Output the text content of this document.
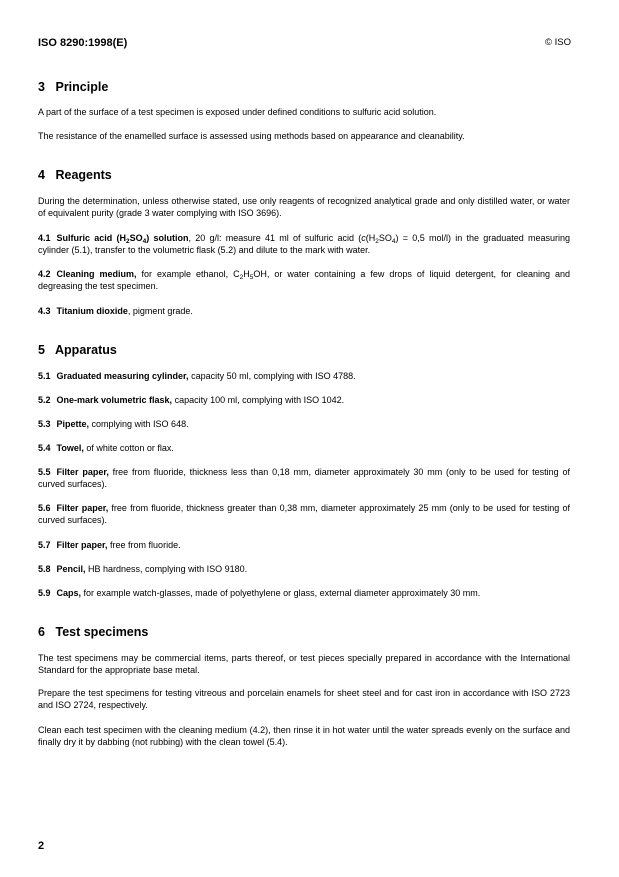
ISO 8290:1998(E)	© ISO
3 Principle

A part of the surface of a test specimen is exposed under defined conditions to sulfuric acid solution.

The resistance of the enamelled surface is assessed using methods based on appearance and cleanability.

4 Reagents

During the determination, unless otherwise stated, use only reagents of recognized analytical grade and only distilled water, or water of equivalent purity (grade 3 water complying with ISO 3696).

4.1 Sulfuric acid $(H_2SO_4)$ solution, 20 g/l: measure 41 ml of sulfuric acid ($c(H_2SO_4) = 0,5$ mol/l) in the graduated measuring cylinder (5.1), transfer to the volumetric flask (5.2) and dilute to the mark with water.

4.2 Cleaning medium, for example ethanol, $C_2H_5OH$, or water containing a few drops of liquid detergent, for cleaning and degreasing the test specimen.

4.3 Titanium dioxide, pigment grade.

5 Apparatus

5.1 Graduated measuring cylinder, capacity 50 ml, complying with ISO 4788.

5.2 One-mark volumetric flask, capacity 100 ml, complying with ISO 1042.

5.3 Pipette, complying with ISO 648.

5.4 Towel, of white cotton or flax.

5.5 Filter paper, free from fluoride, thickness less than 0,18 mm, diameter approximately 30 mm (only to be used for testing of curved surfaces).

5.6 Filter paper, free from fluoride, thickness greater than 0,38 mm, diameter approximately 25 mm (only to be used for testing of curved surfaces).

5.7 Filter paper, free from fluoride.

5.8 Pencil, HB hardness, complying with ISO 9180.

5.9 Caps, for example watch-glasses, made of polyethylene or glass, external diameter approximately 30 mm.

6 Test specimens

The test specimens may be commercial items, parts thereof, or test pieces specially prepared in accordance with the International Standard for the appropriate base metal.

Prepare the test specimens for testing vitreous and porcelain enamels for sheet steel and for cast iron in accordance with ISO 2723 and ISO 2724, respectively.

Clean each test specimen with the cleaning medium (4.2), then rinse it in hot water until the water spreads evenly on the surface and finally dry it by dabbing (not rubbing) with the clean towel (5.4).

2
